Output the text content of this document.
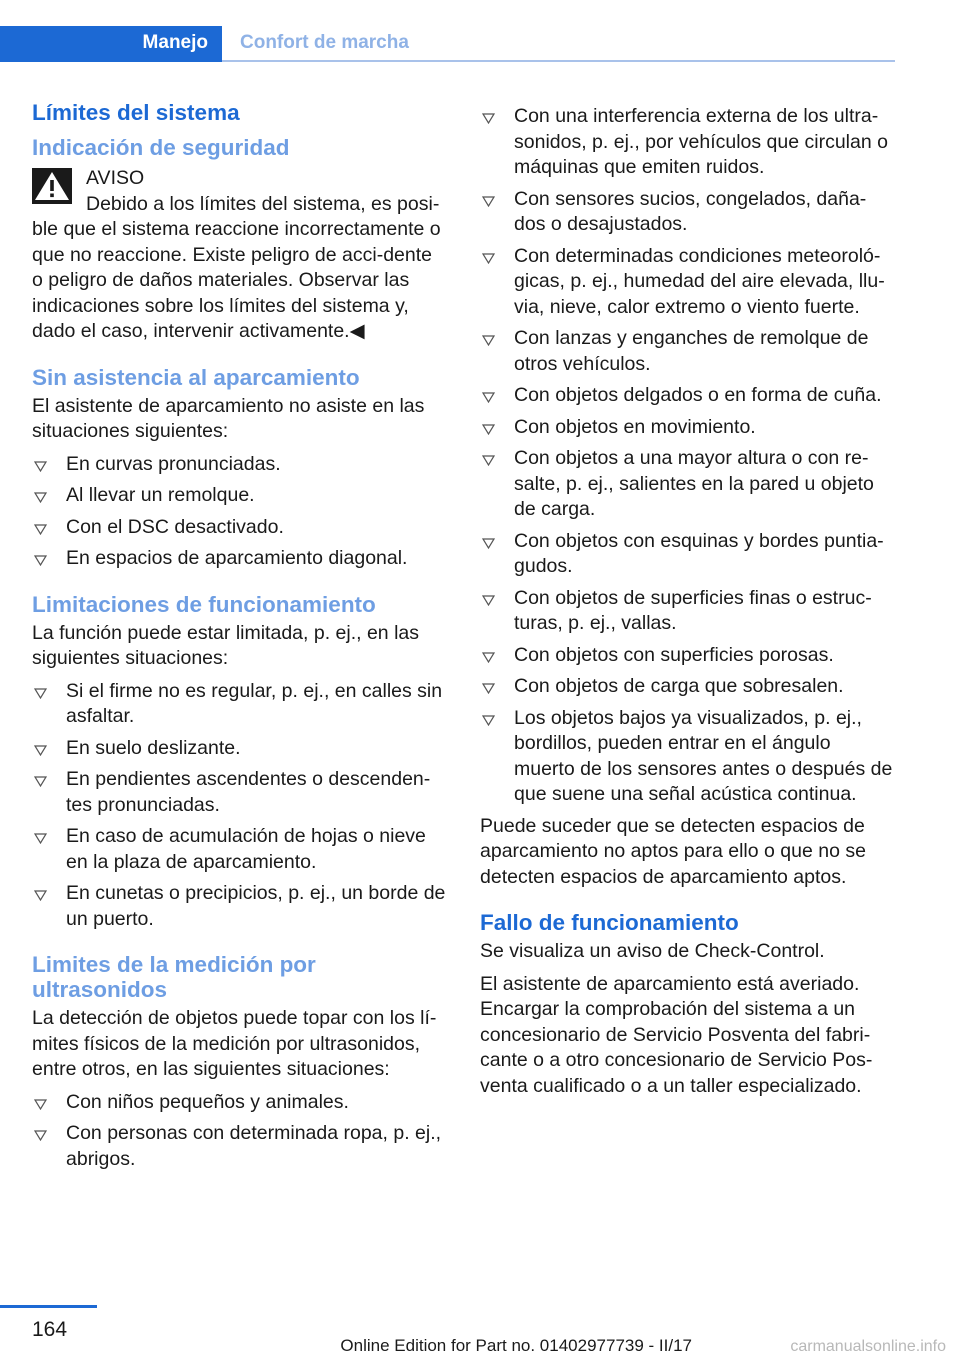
Manejo Confort de marcha
Límites del sistema
Indicación de seguridad
AVISO
Debido a los límites del sistema, es posi-ble que el sistema reaccione incorrectamente o que no reaccione. Existe peligro de acci-dente o peligro de daños materiales. Observar las indicaciones sobre los límites del sistema y, dado el caso, intervenir activamente.◀
Sin asistencia al aparcamiento

El asistente de aparcamiento no asiste en las situaciones siguientes:

En curvas pronunciadas.
Al llevar un remolque.
Con el DSC desactivado.
En espacios de aparcamiento diagonal.
Limitaciones de funcionamiento

La función puede estar limitada, p. ej., en las siguientes situaciones:

Si el firme no es regular, p. ej., en calles sin asfaltar.
En suelo deslizante.
En pendientes ascendentes o descenden-tes pronunciadas.
En caso de acumulación de hojas o nieve en la plaza de aparcamiento.
En cunetas o precipicios, p. ej., un borde de un puerto.
Limites de la medición por ultrasonidos

La detección de objetos puede topar con los lí-mites físicos de la medición por ultrasonidos, entre otros, en las siguientes situaciones:

Con niños pequeños y animales.
Con personas con determinada ropa, p. ej., abrigos.
Con una interferencia externa de los ultra-sonidos, p. ej., por vehículos que circulan o máquinas que emiten ruidos.
Con sensores sucios, congelados, daña-dos o desajustados.
Con determinadas condiciones meteoroló-gicas, p. ej., humedad del aire elevada, llu-via, nieve, calor extremo o viento fuerte.
Con lanzas y enganches de remolque de otros vehículos.
Con objetos delgados o en forma de cuña.
Con objetos en movimiento.
Con objetos a una mayor altura o con re-salte, p. ej., salientes en la pared u objeto de carga.
Con objetos con esquinas y bordes puntia-gudos.
Con objetos de superficies finas o estruc-turas, p. ej., vallas.
Con objetos con superficies porosas.
Con objetos de carga que sobresalen.
Los objetos bajos ya visualizados, p. ej., bordillos, pueden entrar en el ángulo muerto de los sensores antes o después de que suene una señal acústica continua.

Puede suceder que se detecten espacios de aparcamiento no aptos para ello o que no se detecten espacios de aparcamiento aptos.

Fallo de funcionamiento

Se visualiza un aviso de Check-Control.

El asistente de aparcamiento está averiado. Encargar la comprobación del sistema a un concesionario de Servicio Posventa del fabri-cante o a otro concesionario de Servicio Pos-venta cualificado o a un taller especializado.

164
Online Edition for Part no. 01402977739 - II/17	carmanualsonline.info
